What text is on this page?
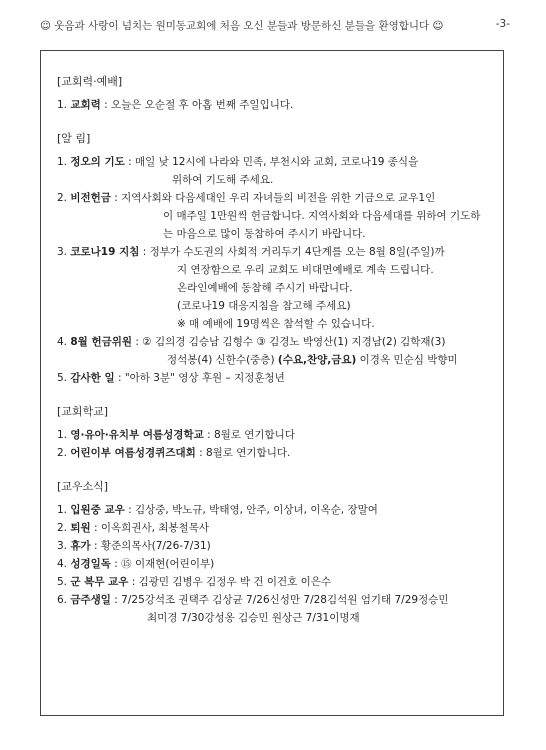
☺ 웃음과 사랑이 넘치는 원미동교회에 처음 오신 분들과 방문하신 분들을 환영합니다 ☺	-3-

[교회력·예배]

1. 교회력 : 오늘은 오순절 후 아홉 번째 주일입니다.

[알 림]

1. 정오의 기도 : 매일 낮 12시에 나라와 민족, 부천시와 교회, 코로나19 종식을

위하여 기도해 주세요.

2. 비전헌금 : 지역사회와 다음세대인 우리 자녀들의 비전을 위한 기금으로 교우1인

이 매주일 1만원씩 헌금합니다. 지역사회와 다음세대를 위하여 기도하

는 마음으로 많이 동참하여 주시기 바랍니다.

3. 코로나19 지침 : 정부가 수도권의 사회적 거리두기 4단계를 오는 8월 8일(주일)까

지 연장함으로 우리 교회도 비대면예배로 계속 드립니다.

온라인예배에 동참해 주시기 바랍니다.

(코로나19 대응지침을 참고해 주세요)

※ 매 예배에 19명씩은 참석할 수 있습니다.

4. 8월 헌금위원 : ② 김의경 김승남 김형수 ③ 김경노 박영산(1) 지경남(2) 김학재(3)

정석봉(4) 신한수(중층) (수요,찬양,금요) 이경옥 민순심 박향미

5. 감사한 일 : "아하 3분" 영상 후원 – 지정훈청년

[교회학교]

1. 영·유아·유치부 여름성경학교 : 8월로 연기합니다

2. 어린이부 여름성경퀴즈대회 : 8월로 연기합니다.

[교우소식]

1. 입원중 교우 : 김상중, 박노규, 박태영, 안주, 이상녀, 이옥순, 장말여

2. 퇴원 : 이옥희권사, 최봉철목사

3. 휴가 : 황준의목사(7/26-7/31)

4. 성경일독 : ⑮ 이재현(어린이부)

5. 군 복무 교우 : 김광민 김병우 김정우 박 건 이건호 이은수

6. 금주생일 : 7/25강석조 권택주 김상균 7/26신성만 7/28김석원 엄기태 7/29정승민

최미경 7/30강성옹 김승민 원상근 7/31이명재
